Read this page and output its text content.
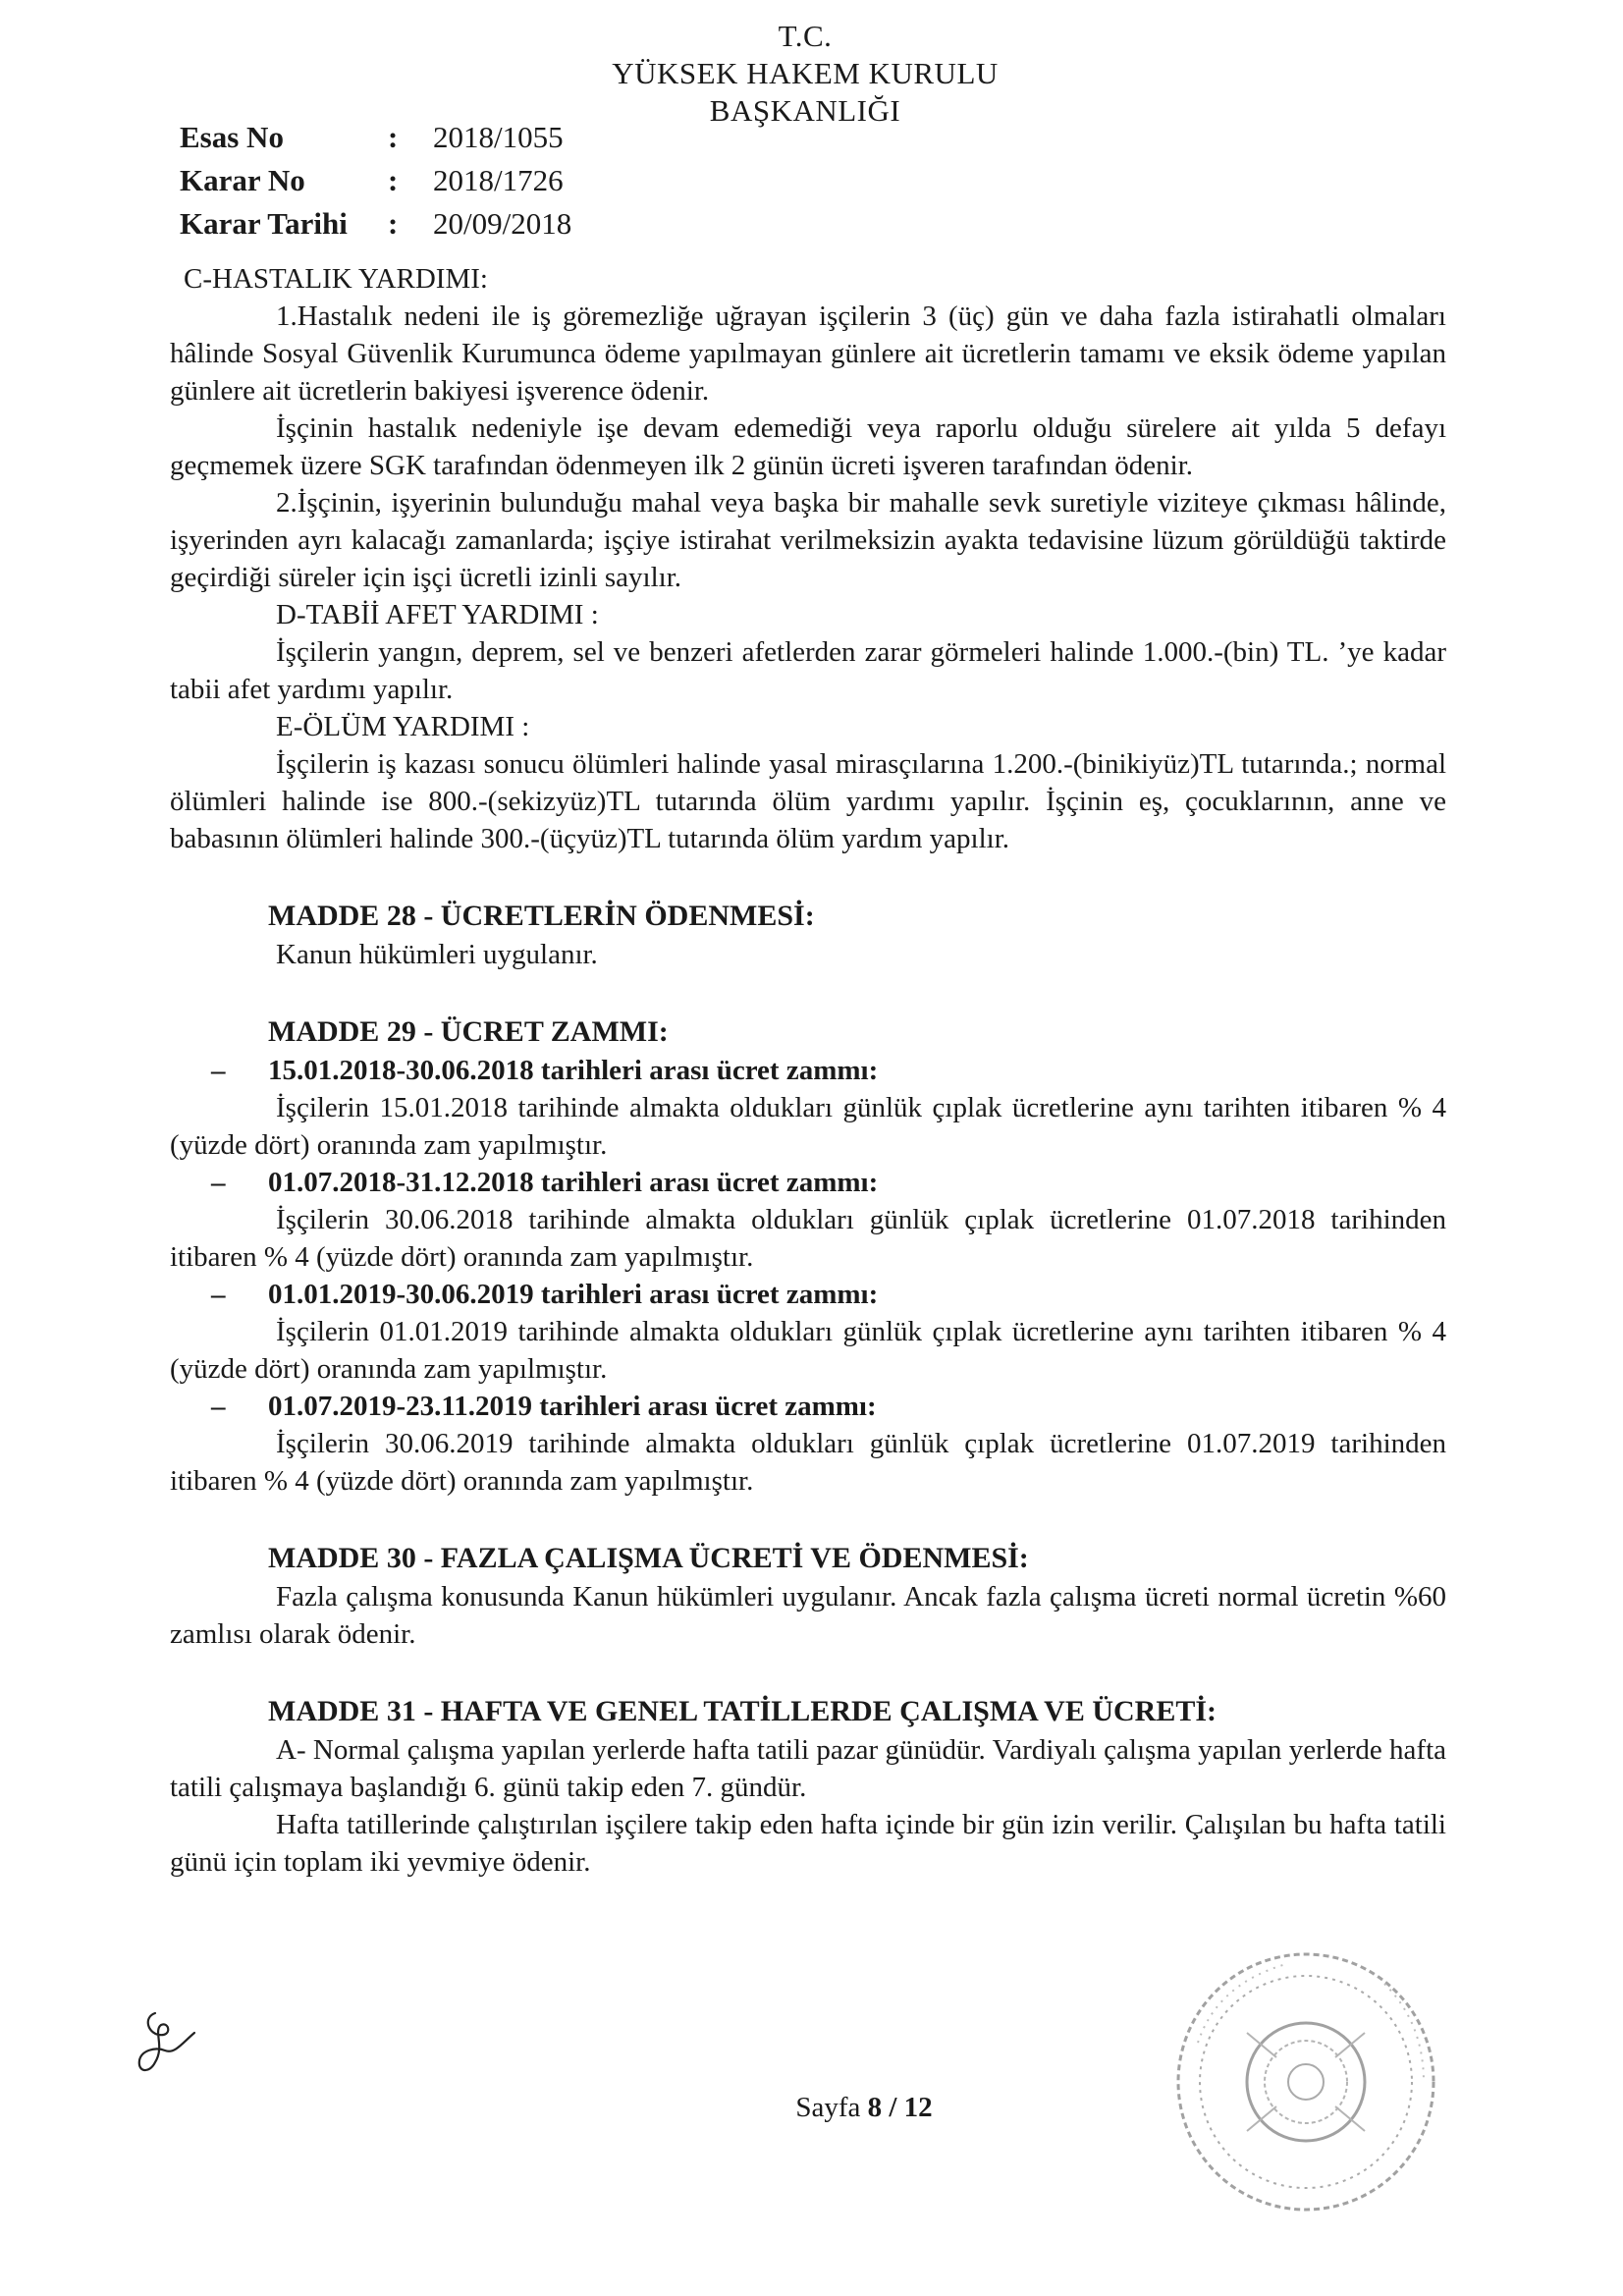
T.C.
YÜKSEK HAKEM KURULU
BAŞKANLIĞI
Esas No	: 2018/1055
Karar No	: 2018/1726
Karar Tarihi : 20/09/2018
C-HASTALIK YARDIMI:

1.Hastalık nedeni ile iş göremezliğe uğrayan işçilerin 3 (üç) gün ve daha fazla istirahatli olmaları hâlinde Sosyal Güvenlik Kurumunca ödeme yapılmayan günlere ait ücretlerin tamamı ve eksik ödeme yapılan günlere ait ücretlerin bakiyesi işverence ödenir.

İşçinin hastalık nedeniyle işe devam edemediği veya raporlu olduğu sürelere ait yılda 5 defayı geçmemek üzere SGK tarafından ödenmeyen ilk 2 günün ücreti işveren tarafından ödenir.

2.İşçinin, işyerinin bulunduğu mahal veya başka bir mahalle sevk suretiyle viziteye çıkması hâlinde, işyerinden ayrı kalacağı zamanlarda; işçiye istirahat verilmeksizin ayakta tedavisine lüzum görüldüğü taktirde geçirdiği süreler için işçi ücretli izinli sayılır.

D-TABİİ AFET YARDIMI :

İşçilerin yangın, deprem, sel ve benzeri afetlerden zarar görmeleri halinde 1.000.-(bin) TL. ’ye kadar tabii afet yardımı yapılır.

E-ÖLÜM YARDIMI :

İşçilerin iş kazası sonucu ölümleri halinde yasal mirasçılarına 1.200.-(binikiyüz)TL tutarında.; normal ölümleri halinde ise 800.-(sekizyüz)TL tutarında ölüm yardımı yapılır. İşçinin eş, çocuklarının, anne ve babasının ölümleri halinde 300.-(üçyüz)TL tutarında ölüm yardım yapılır.

MADDE 28 - ÜCRETLERİN ÖDENMESİ:
Kanun hükümleri uygulanır.
MADDE 29 - ÜCRET ZAMMI:
– 15.01.2018-30.06.2018 tarihleri arası ücret zammı:

İşçilerin 15.01.2018 tarihinde almakta oldukları günlük çıplak ücretlerine aynı tarihten itibaren % 4 (yüzde dört) oranında zam yapılmıştır.

– 01.07.2018-31.12.2018 tarihleri arası ücret zammı:

İşçilerin 30.06.2018 tarihinde almakta oldukları günlük çıplak ücretlerine 01.07.2018 tarihinden itibaren % 4 (yüzde dört) oranında zam yapılmıştır.

– 01.01.2019-30.06.2019 tarihleri arası ücret zammı:

İşçilerin 01.01.2019 tarihinde almakta oldukları günlük çıplak ücretlerine aynı tarihten itibaren % 4 (yüzde dört) oranında zam yapılmıştır.

– 01.07.2019-23.11.2019 tarihleri arası ücret zammı:

İşçilerin 30.06.2019 tarihinde almakta oldukları günlük çıplak ücretlerine 01.07.2019 tarihinden itibaren % 4 (yüzde dört) oranında zam yapılmıştır.

MADDE 30 - FAZLA ÇALIŞMA ÜCRETİ VE ÖDENMESİ:

Fazla çalışma konusunda Kanun hükümleri uygulanır. Ancak fazla çalışma ücreti normal ücretin %60 zamlısı olarak ödenir.

MADDE 31 - HAFTA VE GENEL TATİLLERDE ÇALIŞMA VE ÜCRETİ:

A- Normal çalışma yapılan yerlerde hafta tatili pazar günüdür. Vardiyalı çalışma yapılan yerlerde hafta tatili çalışmaya başlandığı 6. günü takip eden 7. gündür.

Hafta tatillerinde çalıştırılan işçilere takip eden hafta içinde bir gün izin verilir. Çalışılan bu hafta tatili günü için toplam iki yevmiye ödenir.

Sayfa 8 / 12
